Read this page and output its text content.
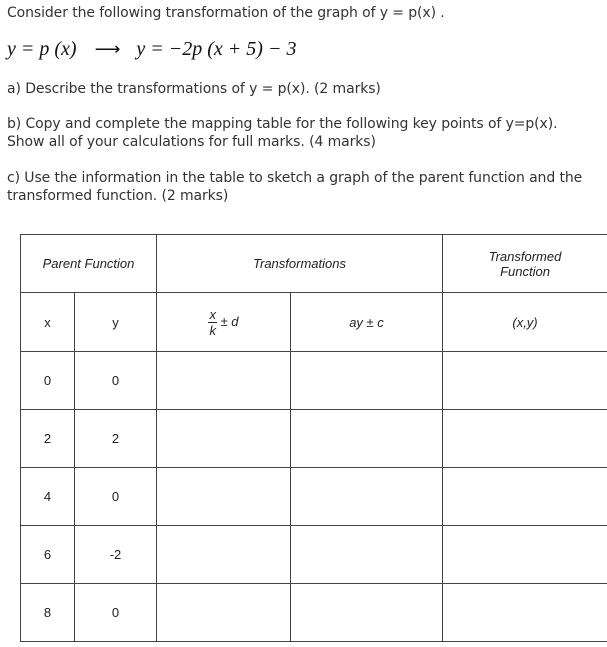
Consider the following transformation of the graph of y = p(x) .
y = p (x) ⟶ y = −2p (x + 5) − 3
a) Describe the transformations of y = p(x). (2 marks)
b) Copy and complete the mapping table for the following key points of y=p(x).
Show all of your calculations for full marks. (4 marks)
c) Use the information in the table to sketch a graph of the parent function and the
transformed function. (2 marks)
Parent Function		Transformations		Transformed
Function

x	y	$\frac{x}{k} \pm d$	ay ± c	(x,y)
0	0			
2	2			
4	0			
6	-2			
8	0			
